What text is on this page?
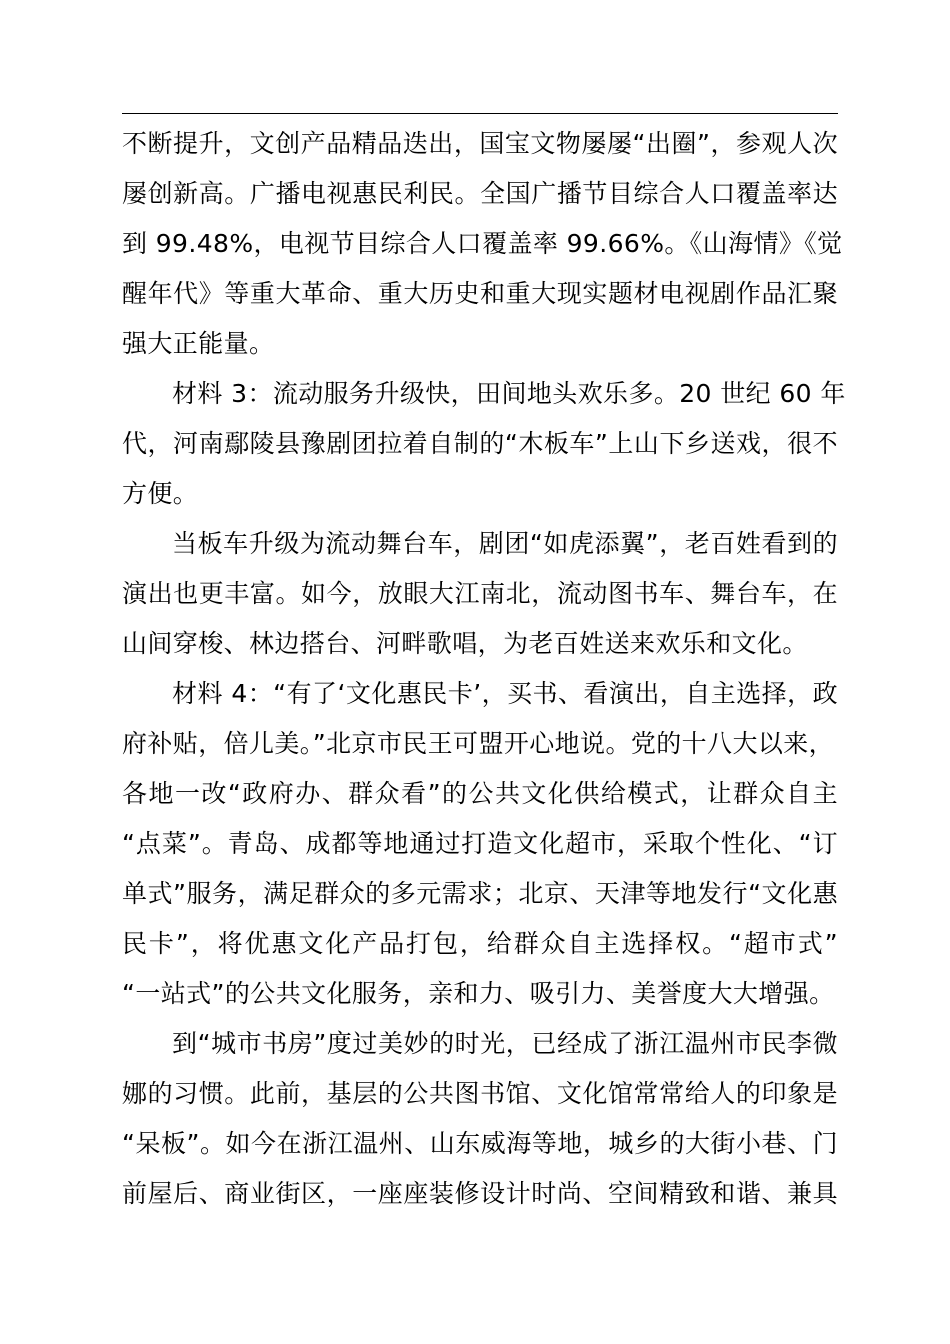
不断提升，文创产品精品迭出，国宝文物屡屡“出圈”，参观人次
屡创新高。广播电视惠民利民。全国广播节目综合人口覆盖率达
到 99.48%，电视节目综合人口覆盖率 99.66%。《山海情》《觉
醒年代》等重大革命、重大历史和重大现实题材电视剧作品汇聚
强大正能量。
材料 3：流动服务升级快，田间地头欢乐多。20 世纪 60 年
代，河南鄢陵县豫剧团拉着自制的“木板车”上山下乡送戏，很不
方便。
当板车升级为流动舞台车，剧团“如虎添翼”，老百姓看到的
演出也更丰富。如今，放眼大江南北，流动图书车、舞台车，在
山间穿梭、林边搭台、河畔歌唱，为老百姓送来欢乐和文化。
材料 4：“有了‘文化惠民卡’，买书、看演出，自主选择，政
府补贴，倍儿美。”北京市民王可盟开心地说。党的十八大以来，
各地一改“政府办、群众看”的公共文化供给模式，让群众自主
“点菜”。青岛、成都等地通过打造文化超市，采取个性化、“订
单式”服务，满足群众的多元需求；北京、天津等地发行“文化惠
民卡”，将优惠文化产品打包，给群众自主选择权。“超市式”
“一站式”的公共文化服务，亲和力、吸引力、美誉度大大增强。
到“城市书房”度过美妙的时光，已经成了浙江温州市民李微
娜的习惯。此前，基层的公共图书馆、文化馆常常给人的印象是
“呆板”。如今在浙江温州、山东威海等地，城乡的大街小巷、门
前屋后、商业街区，一座座装修设计时尚、空间精致和谐、兼具
